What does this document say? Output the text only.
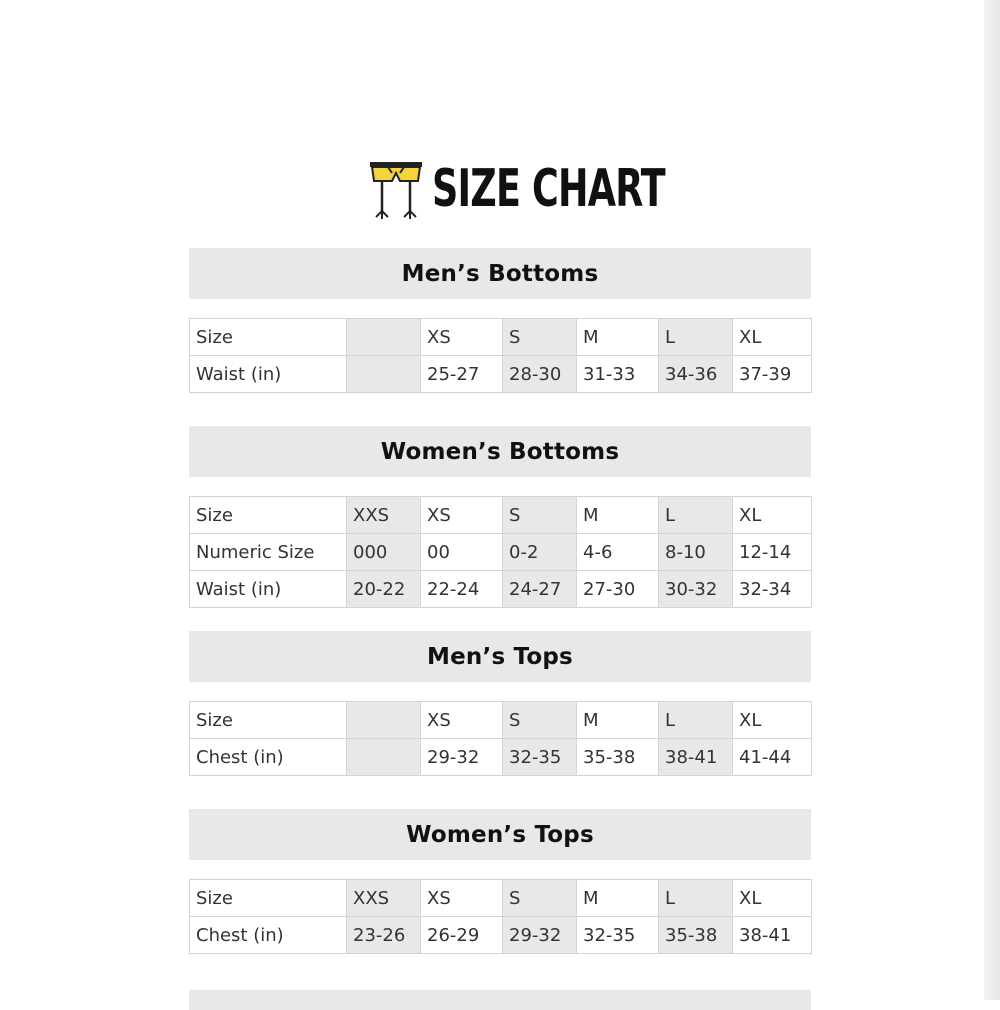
SIZE CHART
Men’s Bottoms
Size		XS	S	M	L	XL
Waist (in)		25-27	28-30	31-33	34-36	37-39
Women’s Bottoms
Size	XXS	XS	S	M	L	XL
Numeric Size	000	00	0-2	4-6	8-10	12-14
Waist (in)	20-22	22-24	24-27	27-30	30-32	32-34
Men’s Tops
Size		XS	S	M	L	XL
Chest (in)		29-32	32-35	35-38	38-41	41-44
Women’s Tops
Size	XXS	XS	S	M	L	XL
Chest (in)	23-26	26-29	29-32	32-35	35-38	38-41
